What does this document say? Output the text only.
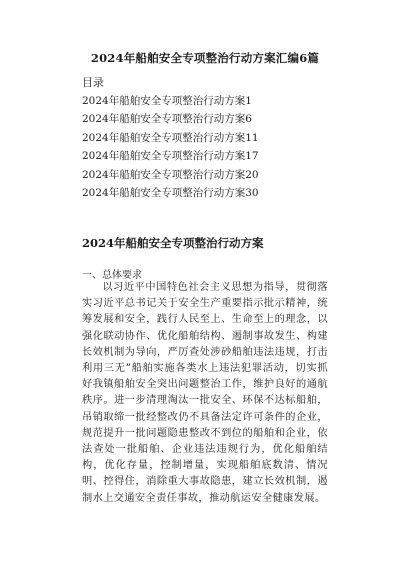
2024年船舶安全专项整治行动方案汇编6篇
目录
2024年船舶安全专项整治行动方案1
2024年船舶安全专项整治行动方案6
2024年船舶安全专项整治行动方案11
2024年船舶安全专项整治行动方案17
2024年船舶安全专项整治行动方案20
2024年船舶安全专项整治行动方案30
2024年船舶安全专项整治行动方案
一、总体要求

以习近平中国特色社会主义思想为指导，贯彻落实习近平总书记关于安全生产重要指示批示精神，统筹发展和安全，践行人民至上、生命至上的理念，以强化联动协作、优化船舶结构、遏制事故发生、构建长效机制为导向，严厉查处涉砂船舶违法违规，打击利用三无”船舶实施各类水上违法犯罪活动，切实抓好我镇船舶安全突出问题整治工作，维护良好的通航秩序。进一步清理淘汰一批安全、环保不达标船舶，吊销取缔一批经整改仍不具备法定许可条件的企业，规范提升一批问题隐患整改不到位的船舶和企业，依法查处一批船舶、企业违法违规行为，优化船舶结构，优化存量，控制增量，实现船舶底数清、情况明、控得住，消除重大事故隐患，建立长效机制，遏制水上交通安全责任事故，推动航运安全健康发展。
